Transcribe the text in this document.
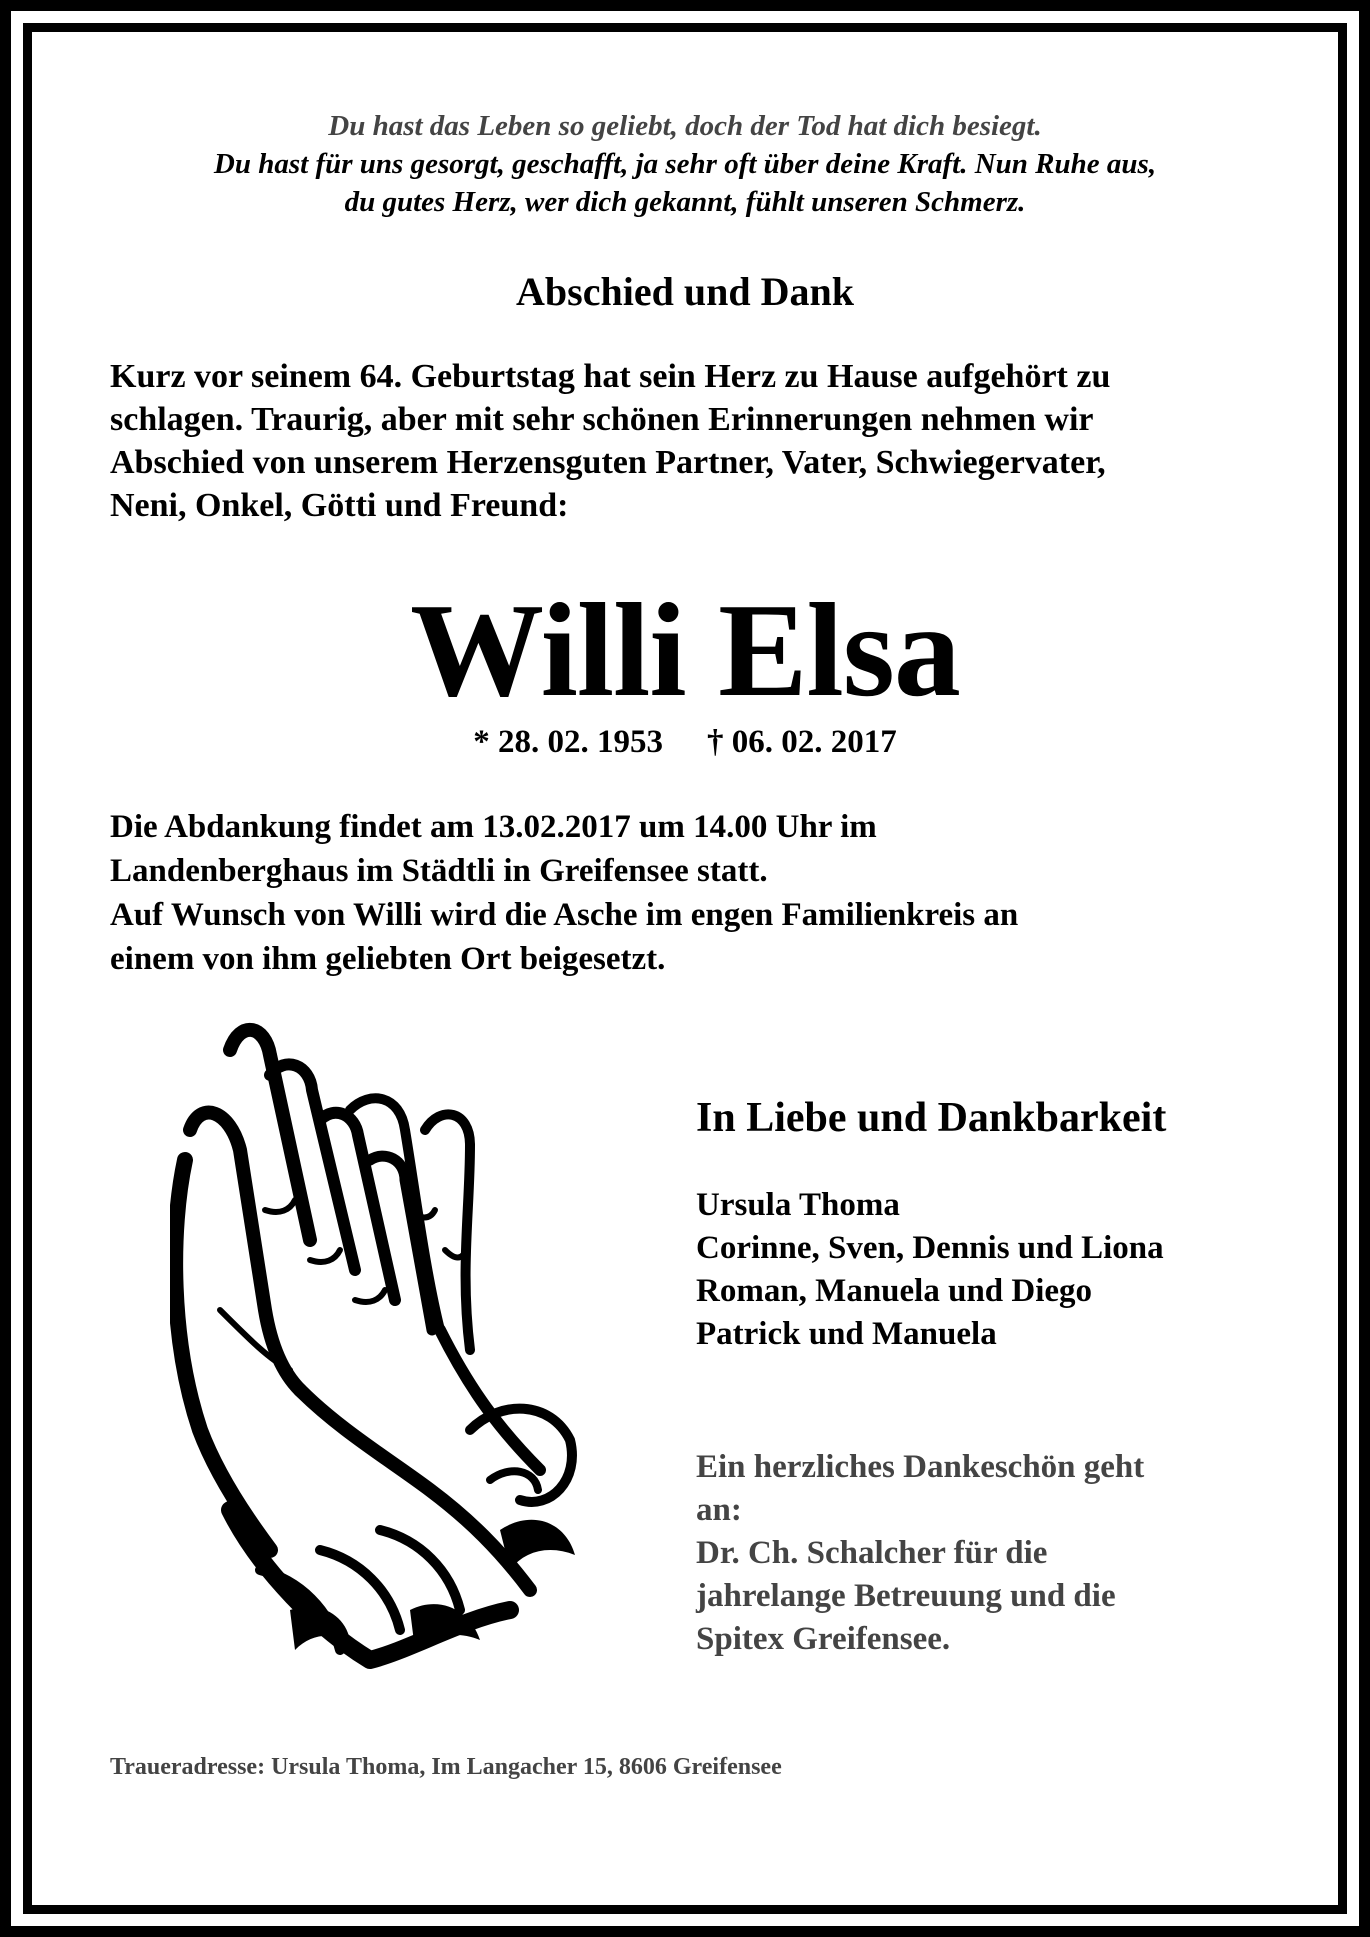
Du hast das Leben so geliebt, doch der Tod hat dich besiegt.
Du hast für uns gesorgt, geschafft, ja sehr oft über deine Kraft. Nun Ruhe aus,
du gutes Herz, wer dich gekannt, fühlt unseren Schmerz.
Abschied und Dank
Kurz vor seinem 64. Geburtstag hat sein Herz zu Hause aufgehört zu
schlagen. Traurig, aber mit sehr schönen Erinnerungen nehmen wir
Abschied von unserem Herzensguten Partner, Vater, Schwiegervater,
Neni, Onkel, Götti und Freund:
Willi Elsa
* 28. 02. 1953 † 06. 02. 2017
Die Abdankung findet am 13.02.2017 um 14.00 Uhr im
Landenberghaus im Städtli in Greifensee statt.
Auf Wunsch von Willi wird die Asche im engen Familienkreis an
einem von ihm geliebten Ort beigesetzt.
In Liebe und Dankbarkeit
Ursula Thoma
Corinne, Sven, Dennis und Liona
Roman, Manuela und Diego
Patrick und Manuela
Ein herzliches Dankeschön geht
an:
Dr. Ch. Schalcher für die
jahrelange Betreuung und die
Spitex Greifensee.
Traueradresse: Ursula Thoma, Im Langacher 15, 8606 Greifensee
